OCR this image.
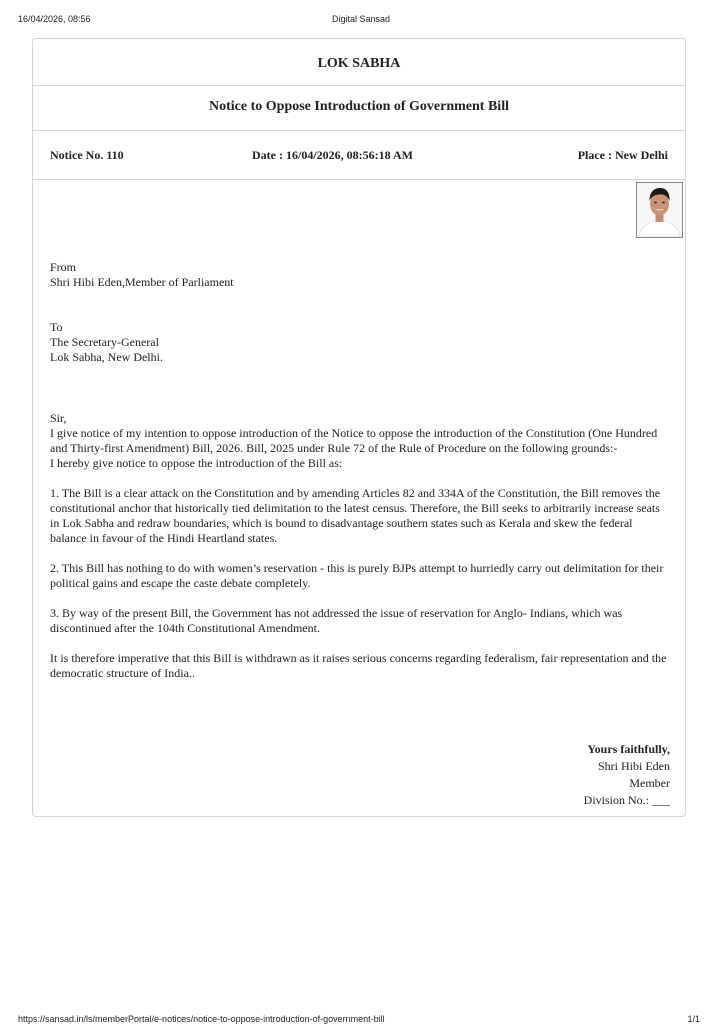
16/04/2026, 08:56	Digital Sansad
LOK SABHA
Notice to Oppose Introduction of Government Bill
Notice No. 110	Date : 16/04/2026, 08:56:18 AM	Place : New Delhi

From

Shri Hibi Eden,Member of Parliament

To

The Secretary-General

Lok Sabha, New Delhi.

Sir,

I give notice of my intention to oppose introduction of the Notice to oppose the introduction of the Constitution (One Hundred and Thirty-first Amendment) Bill, 2026. Bill, 2025 under Rule 72 of the Rule of Procedure on the following grounds:-

I hereby give notice to oppose the introduction of the Bill as:

1. The Bill is a clear attack on the Constitution and by amending Articles 82 and 334A of the Constitution, the Bill removes the constitutional anchor that historically tied delimitation to the latest census. Therefore, the Bill seeks to arbitrarily increase seats in Lok Sabha and redraw boundaries, which is bound to disadvantage southern states such as Kerala and skew the federal balance in favour of the Hindi Heartland states.

2. This Bill has nothing to do with women’s reservation - this is purely BJPs attempt to hurriedly carry out delimitation for their political gains and escape the caste debate completely.

3. By way of the present Bill, the Government has not addressed the issue of reservation for Anglo- Indians, which was discontinued after the 104th Constitutional Amendment.

It is therefore imperative that this Bill is withdrawn as it raises serious concerns regarding federalism, fair representation and the democratic structure of India..

Yours faithfully,
Shri Hibi Eden
Member
Division No.: ___
https://sansad.in/ls/memberPortal/e-notices/notice-to-oppose-introduction-of-government-bill	1/1
